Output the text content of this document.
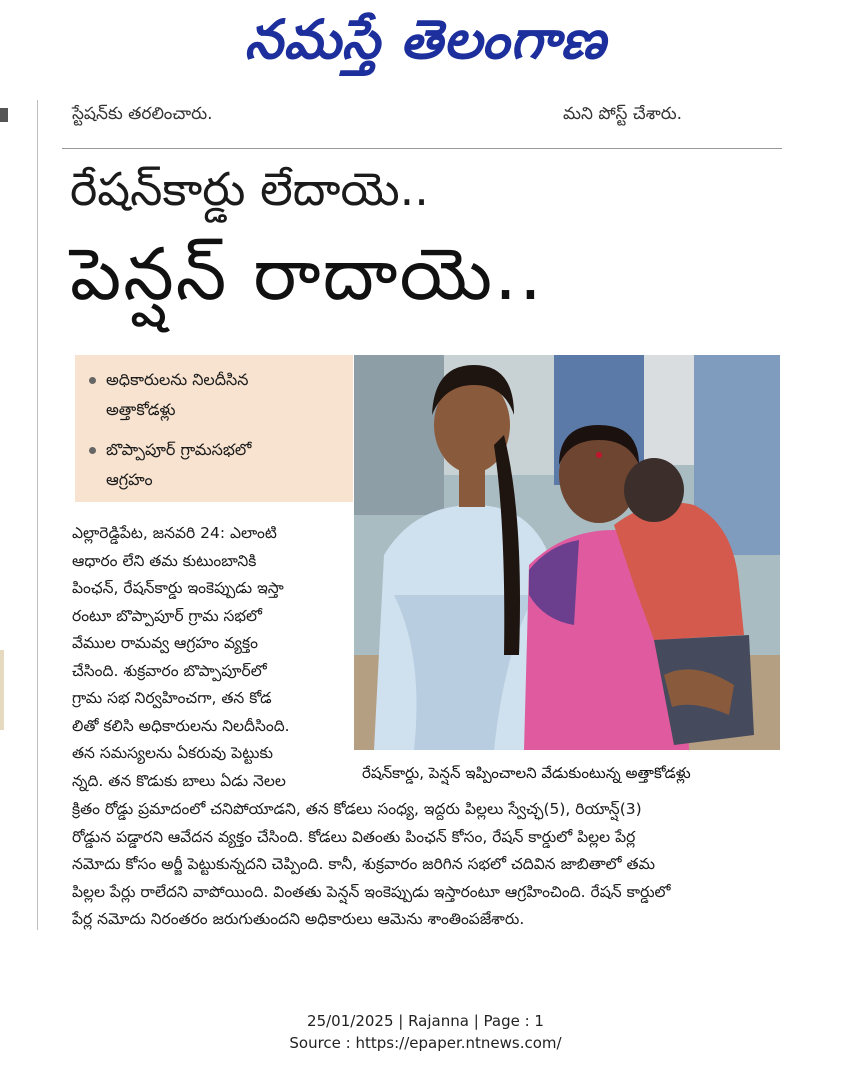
నమస్తే తెలంగాణ
స్టేషన్‌కు తరలించారు.	మని పోస్ట్ చేశారు.
రేషన్‌కార్డు లేదాయె..
పెన్షన్ రాదాయె..
అధికారులను నిలదీసిన
అత్తాకోడళ్లు
బొప్పాపూర్ గ్రామసభలో
ఆగ్రహం
రేషన్‌కార్డు, పెన్షన్ ఇప్పించాలని వేడుకుంటున్న అత్తాకోడళ్లు
ఎల్లారెడ్డిపేట, జనవరి 24: ఎలాంటి
ఆధారం లేని తమ కుటుంబానికి
పింఛన్, రేషన్‌కార్డు ఇంకెప్పుడు ఇస్తా
రంటూ బొప్పాపూర్ గ్రామ సభలో
వేముల రామవ్వ ఆగ్రహం వ్యక్తం
చేసింది. శుక్రవారం బొప్పాపూర్‌లో
గ్రామ సభ నిర్వహించగా, తన కోడ
లితో కలిసి అధికారులను నిలదీసింది.
తన సమస్యలను ఏకరువు పెట్టుకు
న్నది. తన కొడుకు బాలు ఏడు నెలల
క్రితం రోడ్డు ప్రమాదంలో చనిపోయాడని, తన కోడలు సంధ్య, ఇద్దరు పిల్లలు స్వేచ్ఛ(5), రియాన్ష్(3)
రోడ్డున పడ్డారని ఆవేదన వ్యక్తం చేసింది. కోడలు వితంతు పింఛన్ కోసం, రేషన్ కార్డులో పిల్లల పేర్ల
నమోదు కోసం అర్జీ పెట్టుకున్నదని చెప్పింది. కానీ, శుక్రవారం జరిగిన సభలో చదివిన జాబితాలో తమ
పిల్లల పేర్లు రాలేదని వాపోయింది. వింతతు పెన్షన్ ఇంకెప్పుడు ఇస్తారంటూ ఆగ్రహించింది. రేషన్ కార్డులో
పేర్ల నమోదు నిరంతరం జరుగుతుందని అధికారులు ఆమెను శాంతింపజేశారు.
25/01/2025 | Rajanna | Page : 1
Source : https://epaper.ntnews.com/
